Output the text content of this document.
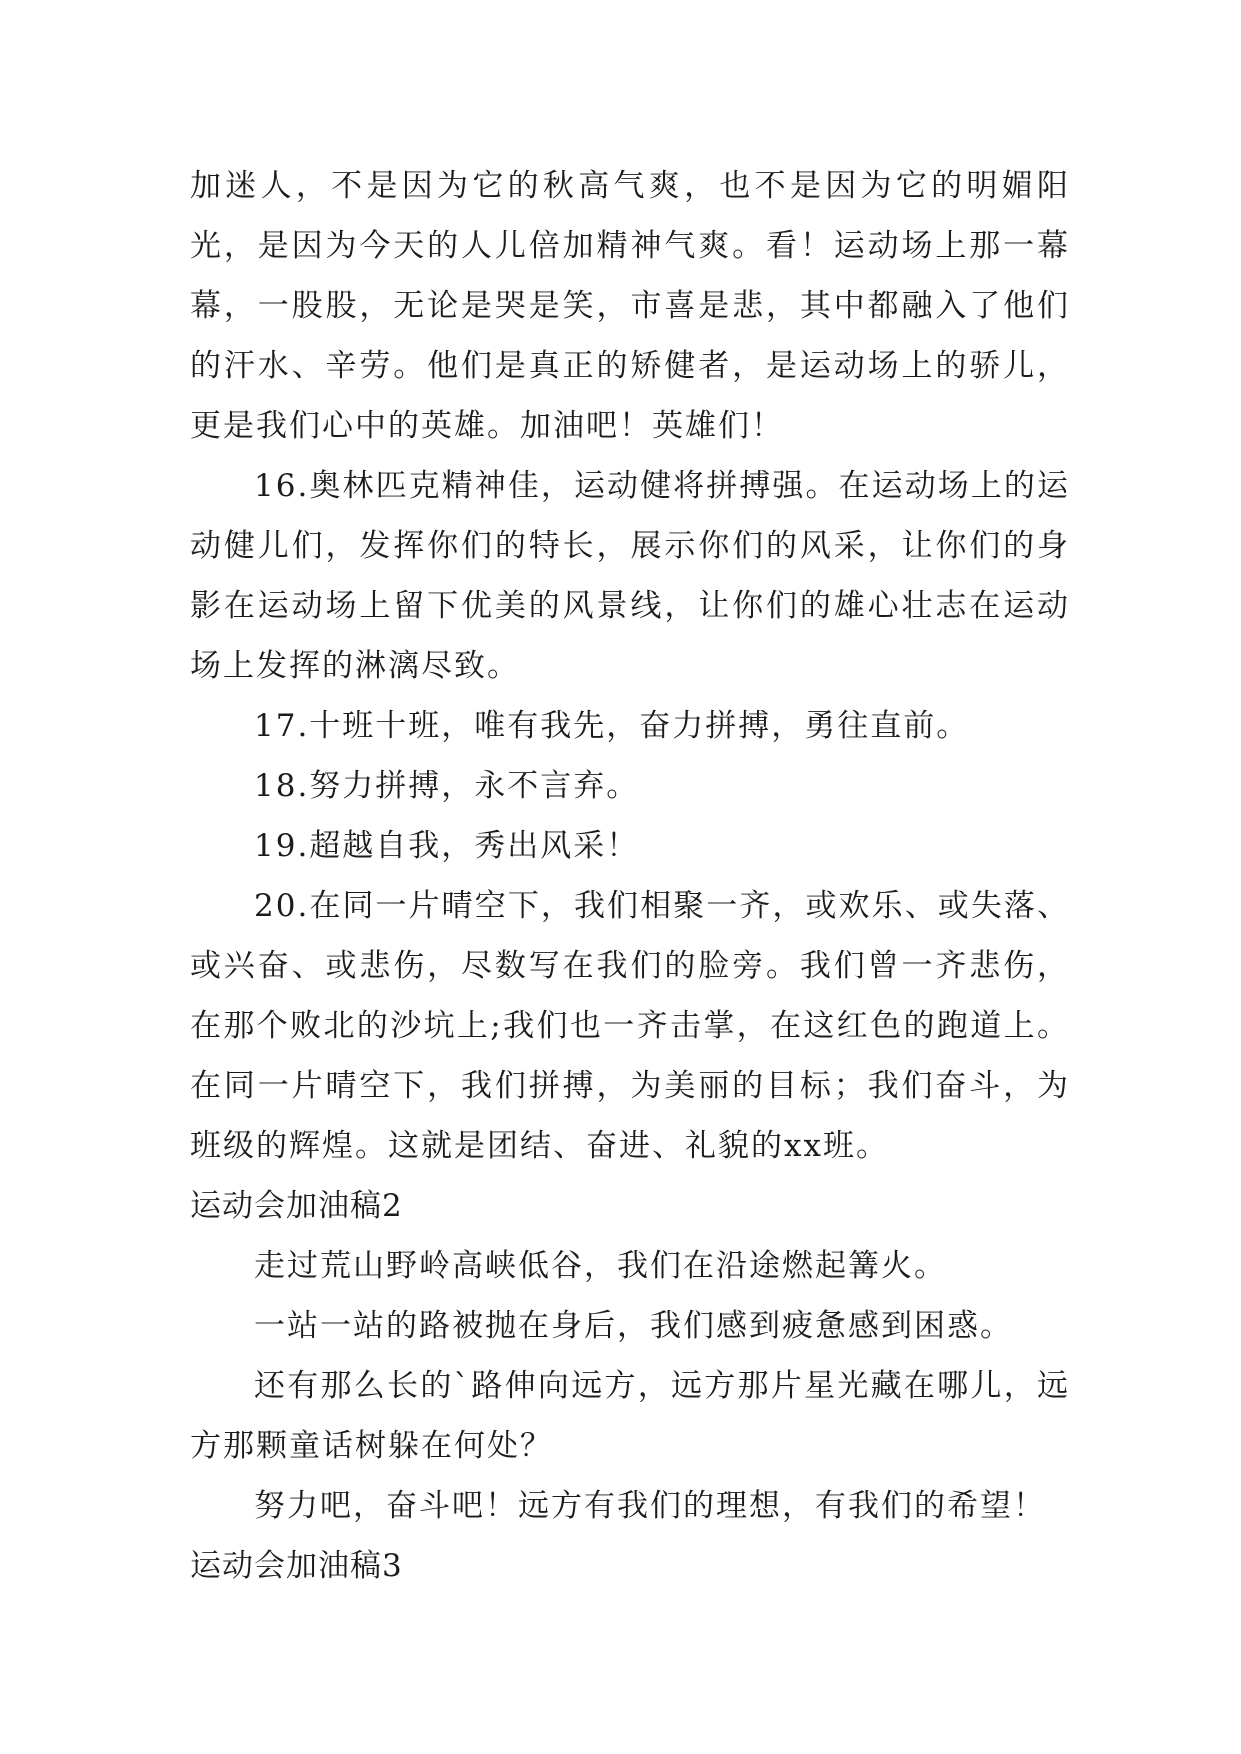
加迷人，不是因为它的秋高气爽，也不是因为它的明媚阳光，是因为今天的人儿倍加精神气爽。看！运动场上那一幕幕，一股股，无论是哭是笑，市喜是悲，其中都融入了他们的汗水、辛劳。他们是真正的矫健者，是运动场上的骄儿，更是我们心中的英雄。加油吧！英雄们！

16.奥林匹克精神佳，运动健将拼搏强。在运动场上的运动健儿们，发挥你们的特长，展示你们的风采，让你们的身影在运动场上留下优美的风景线，让你们的雄心壮志在运动场上发挥的淋漓尽致。

17.十班十班，唯有我先，奋力拼搏，勇往直前。

18.努力拼搏，永不言弃。

19.超越自我，秀出风采！

20.在同一片晴空下，我们相聚一齐，或欢乐、或失落、或兴奋、或悲伤，尽数写在我们的脸旁。我们曾一齐悲伤，在那个败北的沙坑上;我们也一齐击掌，在这红色的跑道上。在同一片晴空下，我们拼搏，为美丽的目标；我们奋斗，为班级的辉煌。这就是团结、奋进、礼貌的xx班。

运动会加油稿2

走过荒山野岭高峡低谷，我们在沿途燃起篝火。

一站一站的路被抛在身后，我们感到疲惫感到困惑。

还有那么长的`路伸向远方，远方那片星光藏在哪儿，远方那颗童话树躲在何处？

努力吧，奋斗吧！远方有我们的理想，有我们的希望！

运动会加油稿3
